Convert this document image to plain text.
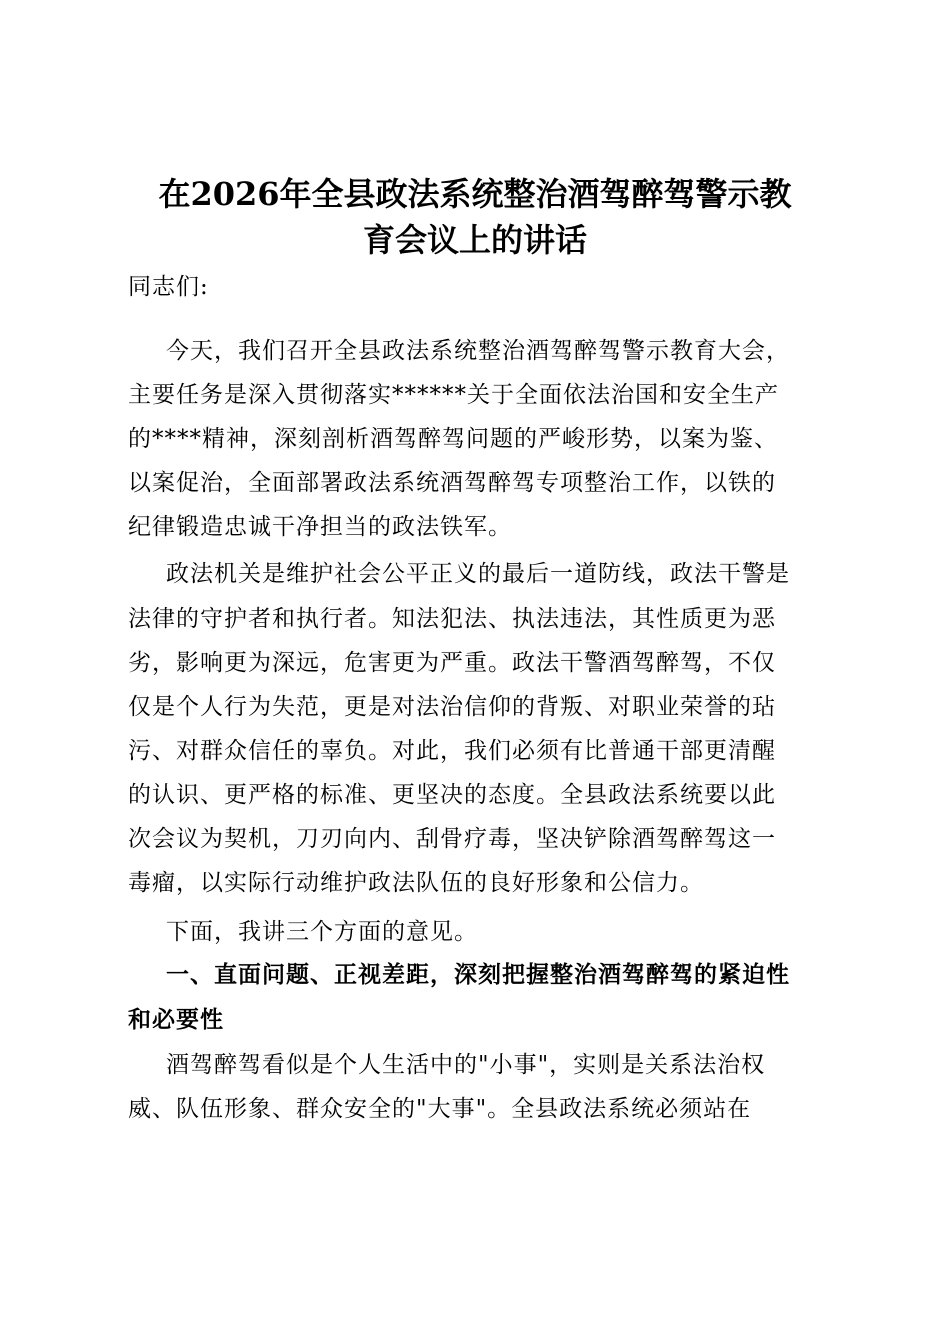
在2026年全县政法系统整治酒驾醉驾警示教
育会议上的讲话
同志们:
今天，我们召开全县政法系统整治酒驾醉驾警示教育大会，
主要任务是深入贯彻落实******关于全面依法治国和安全生产
的****精神，深刻剖析酒驾醉驾问题的严峻形势，以案为鉴、
以案促治，全面部署政法系统酒驾醉驾专项整治工作，以铁的
纪律锻造忠诚干净担当的政法铁军。
政法机关是维护社会公平正义的最后一道防线，政法干警是
法律的守护者和执行者。知法犯法、执法违法，其性质更为恶
劣，影响更为深远，危害更为严重。政法干警酒驾醉驾，不仅
仅是个人行为失范，更是对法治信仰的背叛、对职业荣誉的玷
污、对群众信任的辜负。对此，我们必须有比普通干部更清醒
的认识、更严格的标准、更坚决的态度。全县政法系统要以此
次会议为契机，刀刃向内、刮骨疗毒，坚决铲除酒驾醉驾这一
毒瘤，以实际行动维护政法队伍的良好形象和公信力。
下面，我讲三个方面的意见。
一、直面问题、正视差距，深刻把握整治酒驾醉驾的紧迫性
和必要性
酒驾醉驾看似是个人生活中的"小事"，实则是关系法治权
威、队伍形象、群众安全的"大事"。全县政法系统必须站在
